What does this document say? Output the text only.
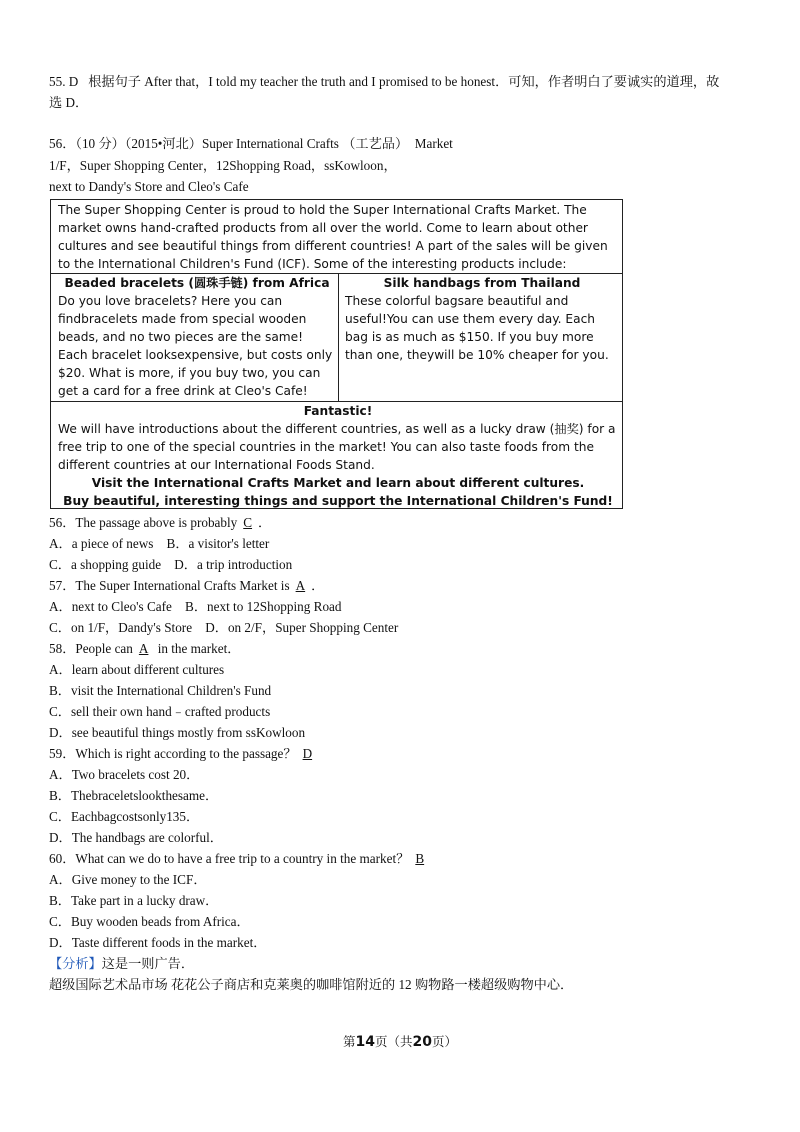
55. D   根据句子 After that，I told my teacher the truth and I promised to be honest．可知，作者明白了要诚实的道理，故
选 D．
56．（10 分）（2015•河北）Super International Crafts （工艺品）  Market
1/F，Super Shopping Center，12Shopping Road，ssKowloon，
next to Dandy's Store and Cleo's Cafe
The Super Shopping Center is proud to hold the Super International Crafts Market. The market owns hand-crafted products from all over the world. Come to learn about other cultures and see beautiful things from different countries! A part of the sales will be given to the International Children's Fund (ICF). Some of the interesting products include:
Beaded bracelets (圆珠手链) from Africa
Do you love bracelets? Here you can findbracelets made from special wooden beads, and no two pieces are the same! Each bracelet looksexpensive, but costs only $20. What is more, if you buy two, you can get a card for a free drink at Cleo's Cafe!
Silk handbags from Thailand
These colorful bagsare beautiful and useful!You can use them every day. Each bag is as much as $150. If you buy more than one, theywill be 10% cheaper for you.
Fantastic!
We will have introductions about the different countries, as well as a lucky draw (抽奖) for a free trip to one of the special countries in the market! You can also taste foods from the different countries at our International Foods Stand.
Visit the International Crafts Market and learn about different cultures.
Buy beautiful, interesting things and support the International Children's Fund!
56．The passage above is probably C ．
A．a piece of news    B．a visitor's letter
C．a shopping guide    D．a trip introduction
57．The Super International Crafts Market is A ．
A．next to Cleo's Cafe    B．next to 12Shopping Road
C．on 1/F，Dandy's Store    D．on 2/F，Super Shopping Center
58．People can A in the market．
A．learn about different cultures
B．visit the International Children's Fund
C．sell their own hand﹣crafted products
D．see beautiful things mostly from ssKowloon
59．Which is right according to the passage？ D
A．Two bracelets cost 20．
B．Thebraceletslookthesame．
C．Eachbagcostsonly135．
D．The handbags are colorful．
60．What can we do to have a free trip to a country in the market？ B
A．Give money to the ICF．
B．Take part in a lucky draw．
C．Buy wooden beads from Africa．
D．Taste different foods in the market．
【分析】这是一则广告．
超级国际艺术品市场 花花公子商店和克莱奥的咖啡馆附近的 12 购物路一楼超级购物中心．
第14页（共20页）
